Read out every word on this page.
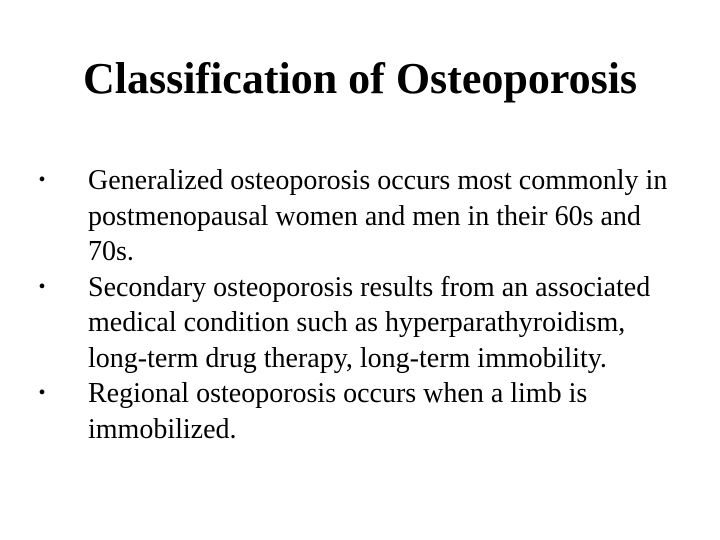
Classification of Osteoporosis
• Generalized osteoporosis occurs most commonly in postmenopausal women and men in their 60s and 70s.
• Secondary osteoporosis results from an associated medical condition such as hyperparathyroidism, long-term drug therapy, long-term immobility.
• Regional osteoporosis occurs when a limb is immobilized.
